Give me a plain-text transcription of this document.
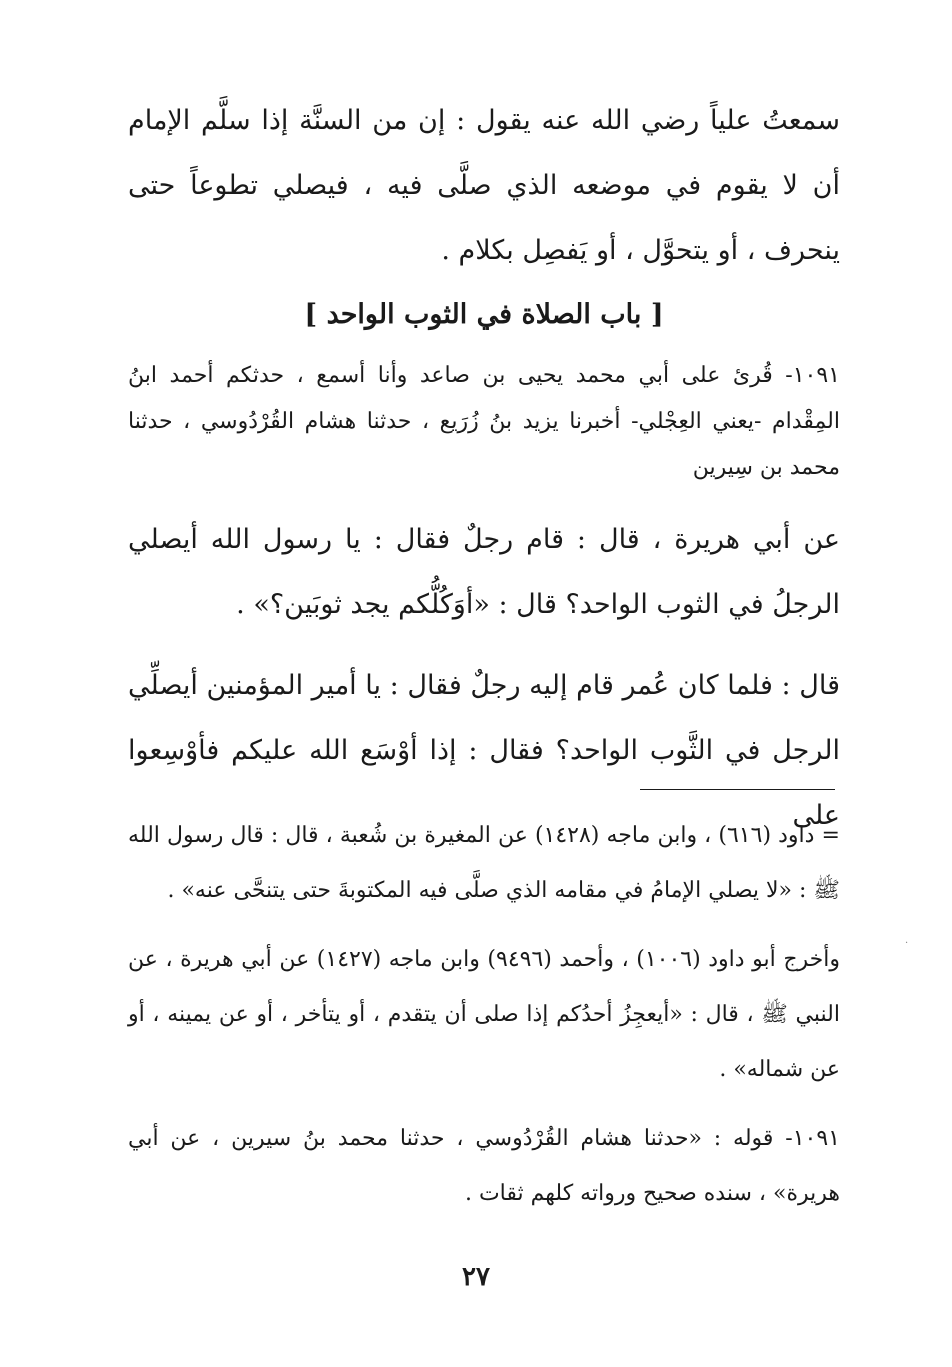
سمعتُ علياً رضي الله عنه يقول : إن من السنَّة إذا سلَّم الإمام أن لا يقوم في موضعه الذي صلَّى فيه ، فيصلي تطوعاً حتى ينحرف ، أو يتحوَّل ، أو يَفصِل بكلام .

[ باب الصلاة في الثوب الواحد ]

١٠٩١- قُرئ على أبي محمد يحيى بن صاعد وأنا أسمع ، حدثكم أحمد ابنُ المِقْدام -يعني العِجْلي- أخبرنا يزيد بنُ زُرَيع ، حدثنا هشام القُرْدُوسي ، حدثنا محمد بن سِيرين

عن أبي هريرة ، قال : قام رجلٌ فقال : يا رسول الله أيصلي الرجلُ في الثوب الواحد؟ قال : «أوَكُلُّكم يجد ثوبَين؟» .

قال : فلما كان عُمر قام إليه رجلٌ فقال : يا أمير المؤمنين أيصلِّي الرجل في الثَّوب الواحد؟ فقال : إذا أوْسَع الله عليكم فأوْسِعوا على

= داود (٦١٦) ، وابن ماجه (١٤٢٨) عن المغيرة بن شُعبة ، قال : قال رسول الله ﷺ : «لا يصلي الإمامُ في مقامه الذي صلَّى فيه المكتوبةَ حتى يتنحَّى عنه» .

وأخرج أبو داود (١٠٠٦) ، وأحمد (٩٤٩٦) وابن ماجه (١٤٢٧) عن أبي هريرة ، عن النبي ﷺ ، قال : «أيعجِزُ أحدُكم إذا صلى أن يتقدم ، أو يتأخر ، أو عن يمينه ، أو عن شماله» .

١٠٩١- قوله : «حدثنا هشام القُرْدُوسي ، حدثنا محمد بنُ سيرين ، عن أبي هريرة» ، سنده صحيح ورواته كلهم ثقات .

·
٢٧
